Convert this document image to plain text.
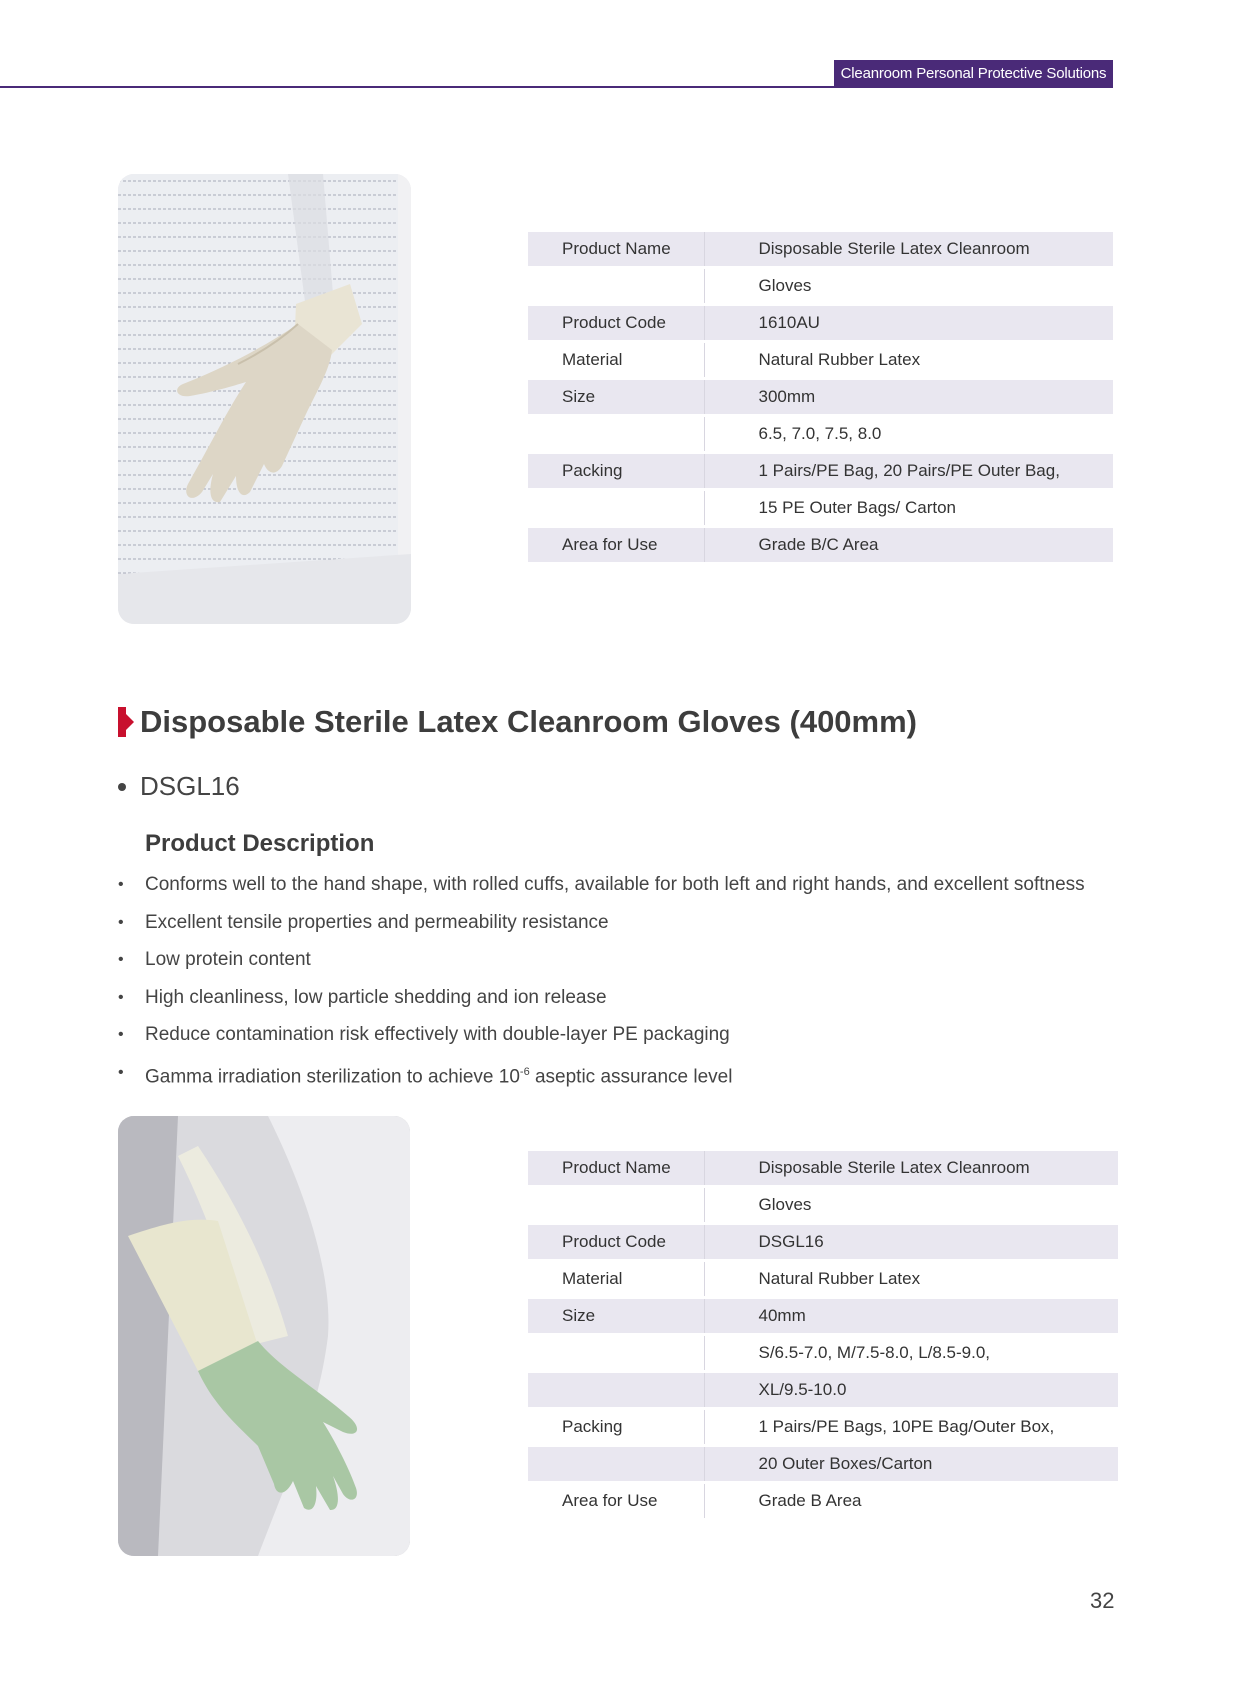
Cleanroom Personal Protective Solutions
Product Name	Disposable Sterile Latex Cleanroom
	Gloves
Product Code	1610AU
Material	Natural Rubber Latex
Size	300mm
	6.5, 7.0, 7.5, 8.0
Packing	1 Pairs/PE Bag, 20 Pairs/PE Outer Bag,
	15 PE Outer Bags/ Carton
Area for Use	Grade B/C Area
Disposable Sterile Latex Cleanroom Gloves (400mm)
DSGL16
Product Description
• Conforms well to the hand shape, with rolled cuffs, available for both left and right hands, and excellent softness
• Excellent tensile properties and permeability resistance
• Low protein content
• High cleanliness, low particle shedding and ion release
• Reduce contamination risk effectively with double-layer PE packaging
• Gamma irradiation sterilization to achieve $10^{-6}$ aseptic assurance level
Product Name	Disposable Sterile Latex Cleanroom
	Gloves
Product Code	DSGL16
Material	Natural Rubber Latex
Size	40mm
	S/6.5-7.0, M/7.5-8.0, L/8.5-9.0,
	XL/9.5-10.0
Packing	1 Pairs/PE Bags, 10PE Bag/Outer Box,
	20 Outer Boxes/Carton
Area for Use	Grade B Area
32
